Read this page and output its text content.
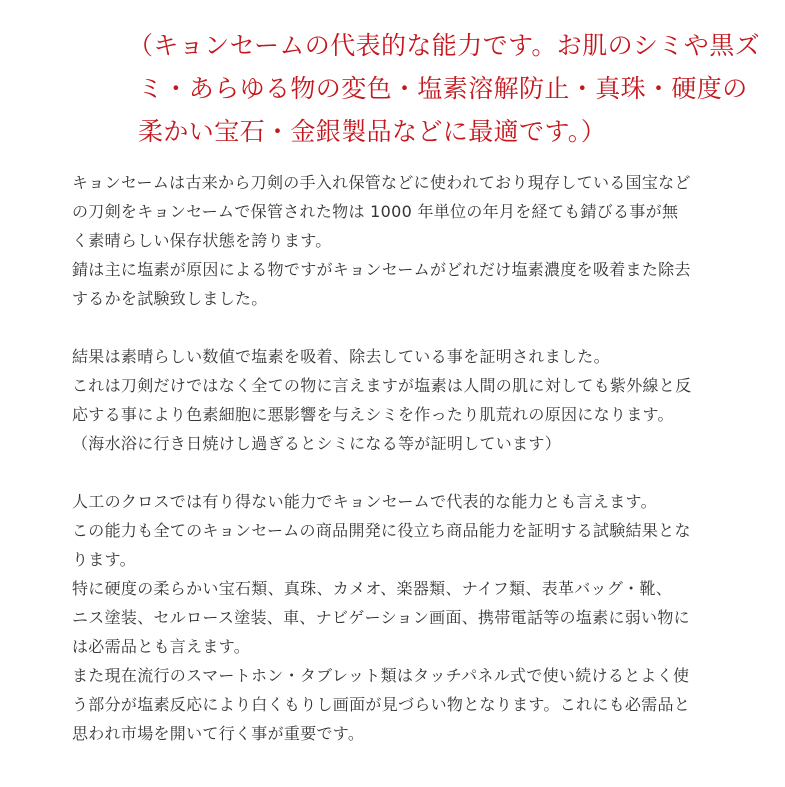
（キョンセームの代表的な能力です。お肌のシミや黒ズ
ミ・あらゆる物の変色・塩素溶解防止・真珠・硬度の
柔かい宝石・金銀製品などに最適です。）
キョンセームは古来から刀剣の手入れ保管などに使われており現存している国宝など
の刀剣をキョンセームで保管された物は 1000 年単位の年月を経ても錆びる事が無
く素晴らしい保存状態を誇ります。
錆は主に塩素が原因による物ですがキョンセームがどれだけ塩素濃度を吸着また除去
するかを試験致しました。
結果は素晴らしい数値で塩素を吸着、除去している事を証明されました。
これは刀剣だけではなく全ての物に言えますが塩素は人間の肌に対しても紫外線と反
応する事により色素細胞に悪影響を与えシミを作ったり肌荒れの原因になります。
（海水浴に行き日焼けし過ぎるとシミになる等が証明しています）
人工のクロスでは有り得ない能力でキョンセームで代表的な能力とも言えます。
この能力も全てのキョンセームの商品開発に役立ち商品能力を証明する試験結果とな
ります。
特に硬度の柔らかい宝石類、真珠、カメオ、楽器類、ナイフ類、表革バッグ・靴、
ニス塗装、セルロース塗装、車、ナビゲーション画面、携帯電話等の塩素に弱い物に
は必需品とも言えます。
また現在流行のスマートホン・タブレット類はタッチパネル式で使い続けるとよく使
う部分が塩素反応により白くもりし画面が見づらい物となります。これにも必需品と
思われ市場を開いて行く事が重要です。
